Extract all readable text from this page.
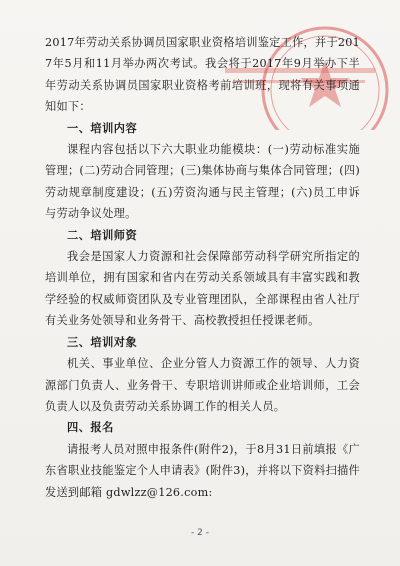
2017年劳动关系协调员国家职业资格培训鉴定工作，并于2017年5月和11月举办两次考试。我会将于2017年9月举办下半年劳动关系协调员国家职业资格考前培训班，现将有关事项通知如下：

一、培训内容

课程内容包括以下六大职业功能模块：(一)劳动标准实施管理；(二)劳动合同管理；(三)集体协商与集体合同管理；(四)劳动规章制度建设；(五)劳资沟通与民主管理；(六)员工申诉与劳动争议处理。

二、培训师资

我会是国家人力资源和社会保障部劳动科学研究所指定的培训单位，拥有国家和省内在劳动关系领域具有丰富实践和教学经验的权威师资团队及专业管理团队，全部课程由省人社厅有关业务处领导和业务骨干、高校教授担任授课老师。

三、培训对象

机关、事业单位、企业分管人力资源工作的领导、人力资源部门负责人、业务骨干、专职培训讲师或企业培训师，工会负责人以及负责劳动关系协调工作的相关人员。

四、报名

请报考人员对照申报条件(附件2)，于8月31日前填报《广东省职业技能鉴定个人申请表》(附件3)，并将以下资料扫描件发送到邮箱 gdwlzz@126.com:

- 2 -
